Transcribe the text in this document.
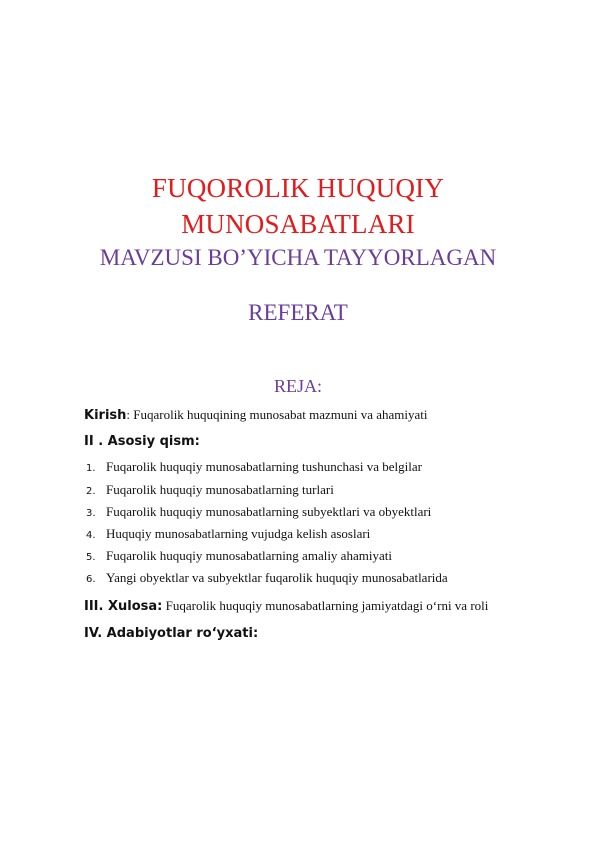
FUQOROLIK HUQUQIY
MUNOSABATLARI
MAVZUSI BO’YICHA TAYYORLAGAN
REFERAT
REJA:
Kirish: Fuqarolik huquqining munosabat mazmuni va ahamiyati
II . Asosiy qism:
1. Fuqarolik huquqiy munosabatlarning tushunchasi va belgilar
2. Fuqarolik huquqiy munosabatlarning turlari
3. Fuqarolik huquqiy munosabatlarning subyektlari va obyektlari
4. Huquqiy munosabatlarning vujudga kelish asoslari
5. Fuqarolik huquqiy munosabatlarning amaliy ahamiyati
6. Yangi obyektlar va subyektlar fuqarolik huquqiy munosabatlarida
III. Xulosa: Fuqarolik huquqiy munosabatlarning jamiyatdagi o‘rni va roli
IV. Adabiyotlar ro‘yxati:
